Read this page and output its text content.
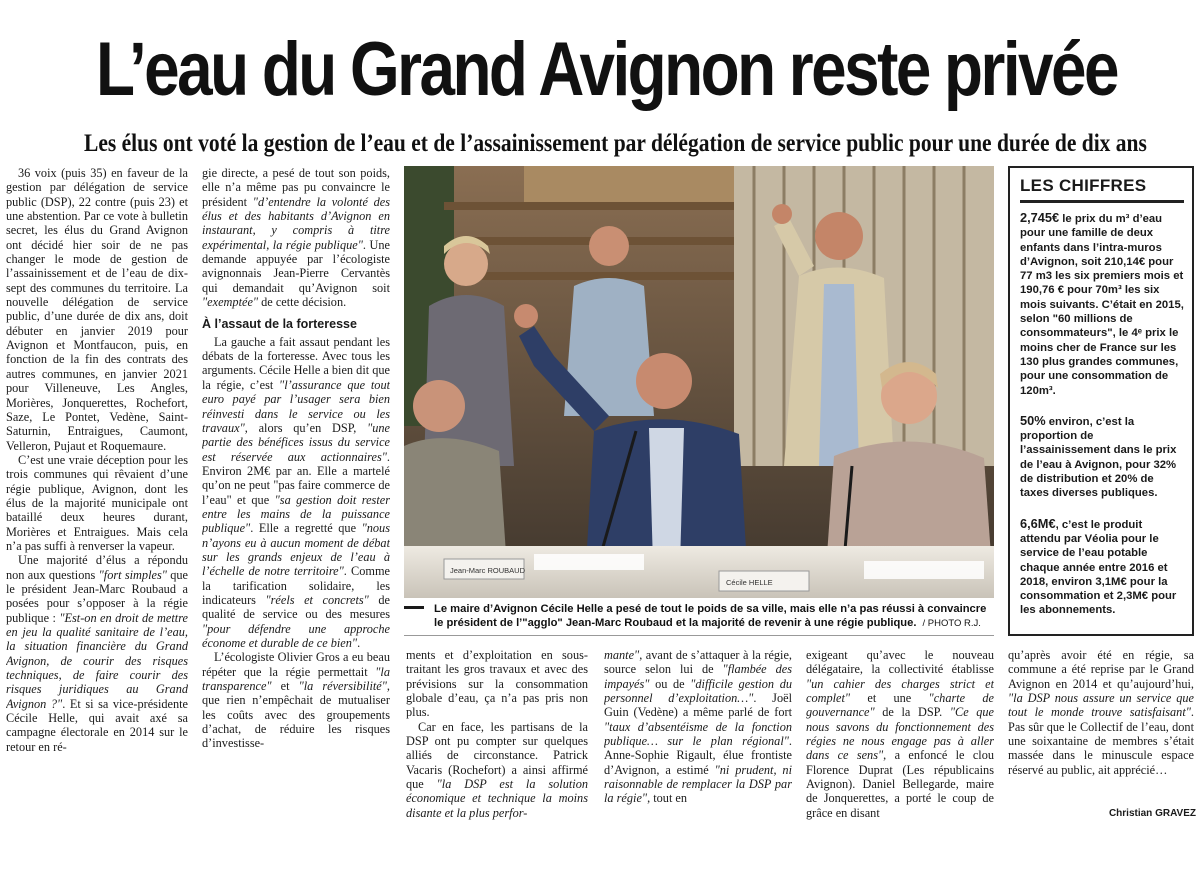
L’eau du Grand Avignon reste privée
Les élus ont voté la gestion de l’eau et de l’assainissement par délégation de service public pour une durée de dix ans

36 voix (puis 35) en faveur de la gestion par délégation de service public (DSP), 22 contre (puis 23) et une abstention. Par ce vote à bulletin secret, les élus du Grand Avignon ont décidé hier soir de ne pas changer le mode de gestion de l’assainissement et de l’eau de dix-sept des communes du territoire. La nouvelle délégation de service public, d’une durée de dix ans, doit débuter en janvier 2019 pour Avignon et Montfaucon, puis, en fonction de la fin des contrats des autres communes, en janvier 2021 pour Villeneuve, Les Angles, Morières, Jonquerettes, Rochefort, Saze, Le Pontet, Vedène, Saint-Saturnin, Entraigues, Caumont, Velleron, Pujaut et Roquemaure.

C’est une vraie déception pour les trois communes qui rêvaient d’une régie publique, Avignon, dont les élus de la majorité municipale ont bataillé deux heures durant, Morières et Entraigues. Mais cela n’a pas suffi à renverser la vapeur.

Une majorité d’élus a répondu non aux questions "fort simples" que le président Jean-Marc Roubaud a posées pour s’opposer à la régie publique : "Est-on en droit de mettre en jeu la qualité sanitaire de l’eau, la situation financière du Grand Avignon, de courir des risques techniques, de faire courir des risques juridiques au Grand Avignon ?". Et si sa vice-présidente Cécile Helle, qui avait axé sa campagne électorale en 2014 sur le retour en ré-

gie directe, a pesé de tout son poids, elle n’a même pas pu convaincre le président "d’entendre la volonté des élus et des habitants d’Avignon en instaurant, y compris à titre expérimental, la régie publique". Une demande appuyée par l’écologiste avignonnais Jean-Pierre Cervantès qui demandait qu’Avignon soit "exemptée" de cette décision.

À l’assaut de la forteresse

La gauche a fait assaut pendant les débats de la forteresse. Avec tous les arguments. Cécile Helle a bien dit que la régie, c’est "l’assurance que tout euro payé par l’usager sera bien réinvesti dans le service ou les travaux", alors qu’en DSP, "une partie des bénéfices issus du service est réservée aux actionnaires". Environ 2M€ par an. Elle a martelé qu’on ne peut "pas faire commerce de l’eau" et que "sa gestion doit rester entre les mains de la puissance publique". Elle a regretté que "nous n’ayons eu à aucun moment de débat sur les grands enjeux de l’eau à l’échelle de notre territoire". Comme la tarification solidaire, les indicateurs "réels et concrets" de qualité de service ou des mesures "pour défendre une approche économe et durable de ce bien".

L’écologiste Olivier Gros a eu beau répéter que la régie permettait "la transparence" et "la réversibilité", que rien n’empêchait de mutualiser les coûts avec des groupements d’achat, de réduire les risques d’investisse-

Jean-Marc ROUBAUD
Cécile HELLE
Le maire d’Avignon Cécile Helle a pesé de tout le poids de sa ville, mais elle n’a pas réussi à convaincre le président de l’"agglo" Jean-Marc Roubaud et la majorité de revenir à une régie publique. / PHOTO R.J.

ments et d’exploitation en sous-traitant les gros travaux et avec des prévisions sur la consommation globale d’eau, ça n’a pas pris non plus.

Car en face, les partisans de la DSP ont pu compter sur quelques alliés de circonstance. Patrick Vacaris (Rochefort) a ainsi affirmé que "la DSP est la solution économique et technique la moins disante et la plus perfor-

mante", avant de s’attaquer à la régie, source selon lui de "flambée des impayés" ou de "difficile gestion du personnel d’exploitation…". Joël Guin (Vedène) a même parlé de fort "taux d’absentéisme de la fonction publique… sur le plan régional". Anne-Sophie Rigault, élue frontiste d’Avignon, a estimé "ni prudent, ni raisonnable de remplacer la DSP par la régie", tout en

exigeant qu’avec le nouveau délégataire, la collectivité établisse "un cahier des charges strict et complet" et une "charte de gouvernance" de la DSP. "Ce que nous savons du fonctionnement des régies ne nous engage pas à aller dans ce sens", a enfoncé le clou Florence Duprat (Les républicains Avignon). Daniel Bellegarde, maire de Jonquerettes, a porté le coup de grâce en disant

qu’après avoir été en régie, sa commune a été reprise par le Grand Avignon en 2014 et qu’aujourd’hui, "la DSP nous assure un service que tout le monde trouve satisfaisant". Pas sûr que le Collectif de l’eau, dont une soixantaine de membres s’était massée dans le minuscule espace réservé au public, ait apprécié…

Christian GRAVEZ
LES CHIFFRES
2,745€ le prix du m³ d’eau pour une famille de deux enfants dans l’intra-muros d’Avignon, soit 210,14€ pour 77 m3 les six premiers mois et 190,76 € pour 70m³ les six mois suivants. C’était en 2015, selon "60 millions de consommateurs", le 4ᵉ prix le moins cher de France sur les 130 plus grandes communes, pour une consommation de 120m³.
50% environ, c’est la proportion de l’assainissement dans le prix de l’eau à Avignon, pour 32% de distribution et 20% de taxes diverses publiques.
6,6M€, c’est le produit attendu par Véolia pour le service de l’eau potable chaque année entre 2016 et 2018, environ 3,1M€ pour la consommation et 2,3M€ pour les abonnements.
